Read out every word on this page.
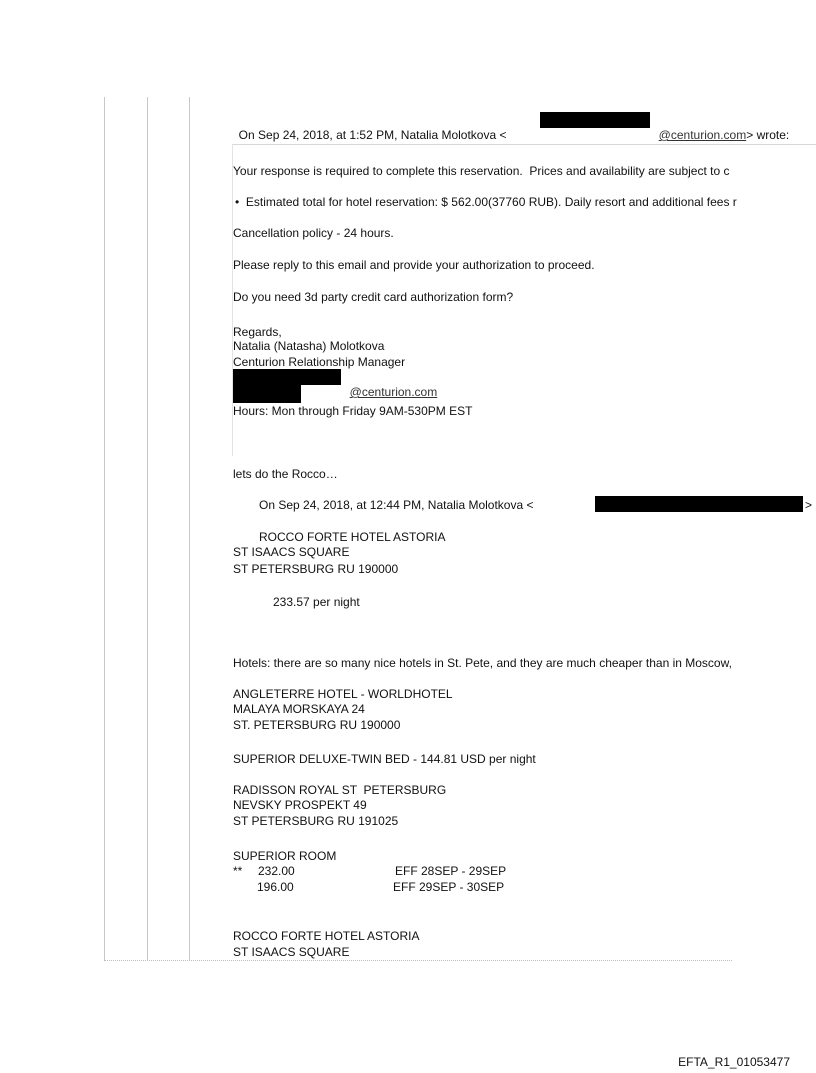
On Sep 24, 2018, at 1:52 PM, Natalia Molotkova <	@centurion.com> wrote:

Your response is required to complete this reservation.  Prices and availability are subject to c
•  Estimated total for hotel reservation: $ 562.00(37760 RUB). Daily resort and additional fees r
Cancellation policy - 24 hours.
Please reply to this email and provide your authorization to proceed.
Do you need 3d party credit card authorization form?
Regards,
Natalia (Natasha) Molotkova
Centurion Relationship Manager

@centurion.com

Hours: Mon through Friday 9AM-530PM EST
lets do the Rocco…
On Sep 24, 2018, at 12:44 PM, Natalia Molotkova <	>
ROCCO FORTE HOTEL ASTORIA
ST ISAACS SQUARE
ST PETERSBURG RU 190000
233.57 per night
Hotels: there are so many nice hotels in St. Pete, and they are much cheaper than in Moscow,
ANGLETERRE HOTEL - WORLDHOTEL
MALAYA MORSKAYA 24
ST. PETERSBURG RU 190000
SUPERIOR DELUXE-TWIN BED - 144.81 USD per night
RADISSON ROYAL ST  PETERSBURG
NEVSKY PROSPEKT 49
ST PETERSBURG RU 191025
SUPERIOR ROOM
** 232.00	EFF 28SEP - 29SEP
196.00	EFF 29SEP - 30SEP
ROCCO FORTE HOTEL ASTORIA
ST ISAACS SQUARE
EFTA_R1_01053477
